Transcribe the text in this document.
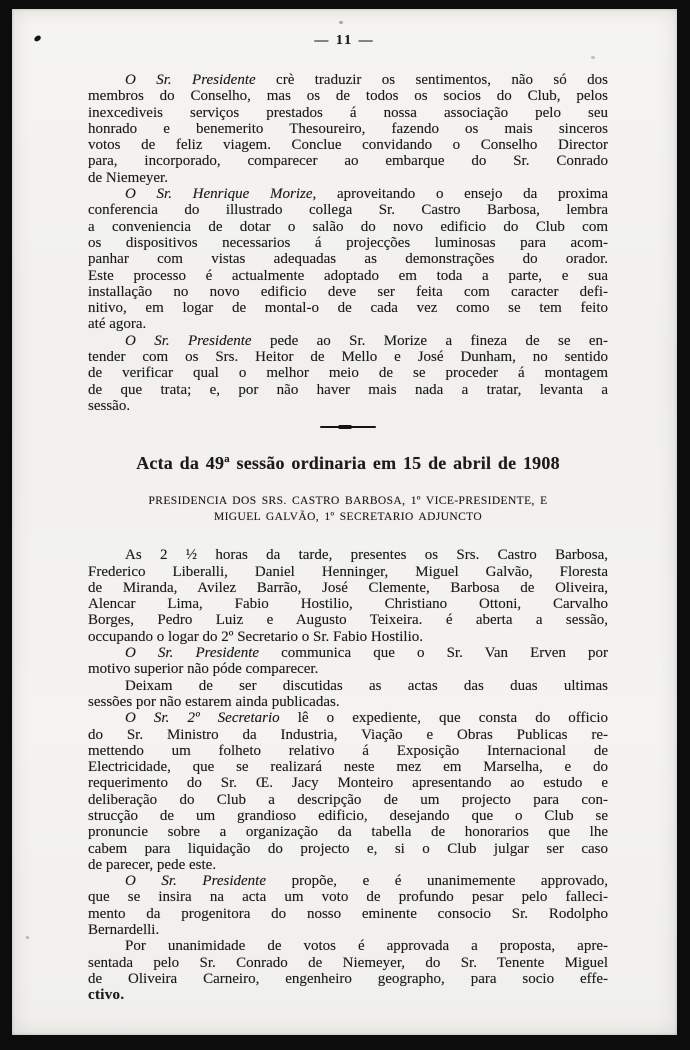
— 11 —
O Sr. Presidente crè traduzir os sentimentos, não só dos
membros do Conselho, mas os de todos os socios do Club, pelos
inexcediveis serviços prestados á nossa associação pelo seu
honrado e benemerito Thesoureiro, fazendo os mais sinceros
votos de feliz viagem. Conclue convidando o Conselho Director
para, incorporado, comparecer ao embarque do Sr. Conrado
de Niemeyer.
O Sr. Henrique Morize, aproveitando o ensejo da proxima
conferencia do illustrado collega Sr. Castro Barbosa, lembra
a conveniencia de dotar o salão do novo edificio do Club com
os dispositivos necessarios á projecções luminosas para acom-
panhar com vistas adequadas as demonstrações do orador.
Este processo é actualmente adoptado em toda a parte, e sua
installação no novo edificio deve ser feita com caracter defi-
nitivo, em logar de montal-o de cada vez como se tem feito
até agora.
O Sr. Presidente pede ao Sr. Morize a fineza de se en-
tender com os Srs. Heitor de Mello e José Dunham, no sentido
de verificar qual o melhor meio de se proceder á montagem
de que trata; e, por não haver mais nada a tratar, levanta a
sessão.
Acta da 49ª sessão ordinaria em 15 de abril de 1908
PRESIDENCIA DOS SRS. CASTRO BARBOSA, 1º VICE-PRESIDENTE, E
MIGUEL GALVÃO, 1º SECRETARIO ADJUNCTO
As 2 ½ horas da tarde, presentes os Srs. Castro Barbosa,
Frederico Liberalli, Daniel Henninger, Miguel Galvão, Floresta
de Miranda, Avilez Barrão, José Clemente, Barbosa de Oliveira,
Alencar Lima, Fabio Hostilio, Christiano Ottoni, Carvalho
Borges, Pedro Luiz e Augusto Teixeira. é aberta a sessão,
occupando o logar do 2º Secretario o Sr. Fabio Hostilio.
O Sr. Presidente communica que o Sr. Van Erven por
motivo superior não póde comparecer.
Deixam de ser discutidas as actas das duas ultimas
sessões por não estarem ainda publicadas.
O Sr. 2º Secretario lê o expediente, que consta do officio
do Sr. Ministro da Industria, Viação e Obras Publicas re-
mettendo um folheto relativo á Exposição Internacional de
Electricidade, que se realizará neste mez em Marselha, e do
requerimento do Sr. Œ. Jacy Monteiro apresentando ao estudo e
deliberação do Club a descripção de um projecto para con-
strucção de um grandioso edificio, desejando que o Club se
pronuncie sobre a organização da tabella de honorarios que lhe
cabem para liquidação do projecto e, si o Club julgar ser caso
de parecer, pede este.
O Sr. Presidente propõe, e é unanimemente approvado,
que se insira na acta um voto de profundo pesar pelo falleci-
mento da progenitora do nosso eminente consocio Sr. Rodolpho
Bernardelli.
Por unanimidade de votos é approvada a proposta, apre-
sentada pelo Sr. Conrado de Niemeyer, do Sr. Tenente Miguel
de Oliveira Carneiro, engenheiro geographo, para socio effe-
ctivo.
